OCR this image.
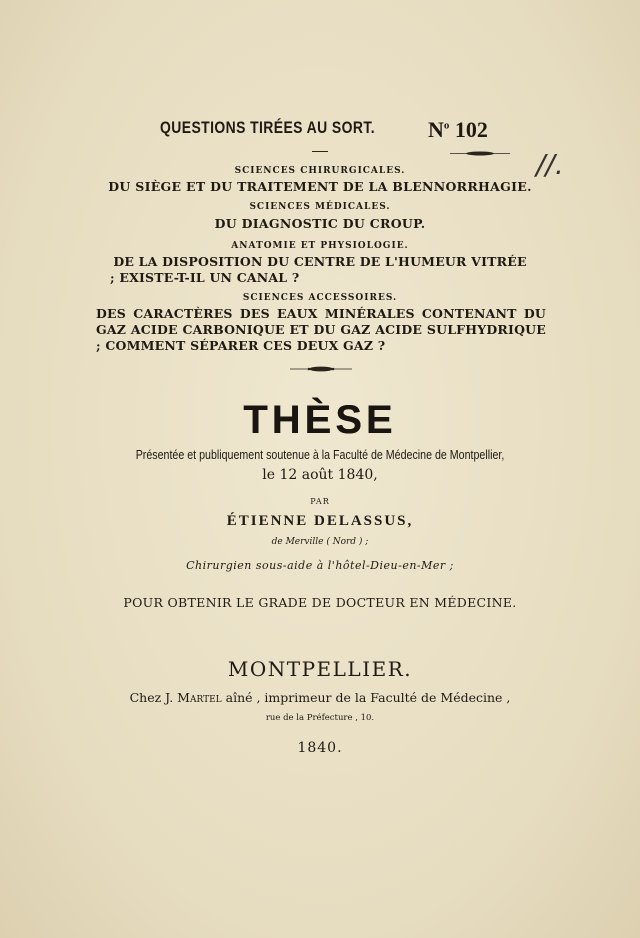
QUESTIONS TIRÉES AU SORT. $N^o$ 102
//.
SCIENCES CHIRURGICALES.
DU SIÈGE ET DU TRAITEMENT DE LA BLENNORRHAGIE.
SCIENCES MÉDICALES.
DU DIAGNOSTIC DU CROUP.
ANATOMIE ET PHYSIOLOGIE.
DE LA DISPOSITION DU CENTRE DE L'HUMEUR VITRÉE ; EXISTE-T-IL UN CANAL ?
SCIENCES ACCESSOIRES.
DES CARACTÈRES DES EAUX MINÉRALES CONTENANT DU GAZ ACIDE CARBONIQUE ET DU GAZ ACIDE SULFHYDRIQUE ; COMMENT SÉPARER CES DEUX GAZ ?
THÈSE
Présentée et publiquement soutenue à la Faculté de Médecine de Montpellier,
le 12 août 1840,
PAR
ÉTIENNE DELASSUS,
de Merville ( Nord ) ;
Chirurgien sous-aide à l'hôtel-Dieu-en-Mer ;
POUR OBTENIR LE GRADE DE DOCTEUR EN MÉDECINE.
MONTPELLIER.
Chez J. Martel aîné , imprimeur de la Faculté de Médecine ,
rue de la Préfecture , 10.
1840.
